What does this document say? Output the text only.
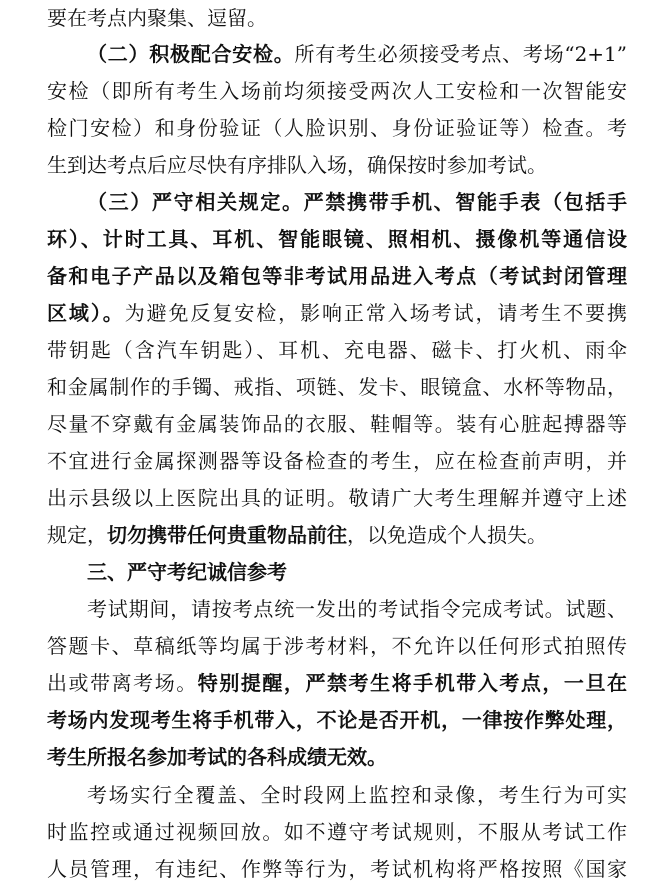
要在考点内聚集、逗留。
（二）积极配合安检。所有考生必须接受考点、考场“2+1”
安检（即所有考生入场前均须接受两次人工安检和一次智能安
检门安检）和身份验证（人脸识别、身份证验证等）检查。考
生到达考点后应尽快有序排队入场，确保按时参加考试。
（三）严守相关规定。严禁携带手机、智能手表（包括手
环）、计时工具、耳机、智能眼镜、照相机、摄像机等通信设
备和电子产品以及箱包等非考试用品进入考点（考试封闭管理
区域）。为避免反复安检，影响正常入场考试，请考生不要携
带钥匙（含汽车钥匙）、耳机、充电器、磁卡、打火机、雨伞
和金属制作的手镯、戒指、项链、发卡、眼镜盒、水杯等物品，
尽量不穿戴有金属装饰品的衣服、鞋帽等。装有心脏起搏器等
不宜进行金属探测器等设备检查的考生，应在检查前声明，并
出示县级以上医院出具的证明。敬请广大考生理解并遵守上述
规定，切勿携带任何贵重物品前往，以免造成个人损失。
三、严守考纪诚信参考
考试期间，请按考点统一发出的考试指令完成考试。试题、
答题卡、草稿纸等均属于涉考材料，不允许以任何形式拍照传
出或带离考场。特别提醒，严禁考生将手机带入考点，一旦在
考场内发现考生将手机带入，不论是否开机，一律按作弊处理，
考生所报名参加考试的各科成绩无效。
考场实行全覆盖、全时段网上监控和录像，考生行为可实
时监控或通过视频回放。如不遵守考试规则，不服从考试工作
人员管理，有违纪、作弊等行为，考试机构将严格按照《国家
